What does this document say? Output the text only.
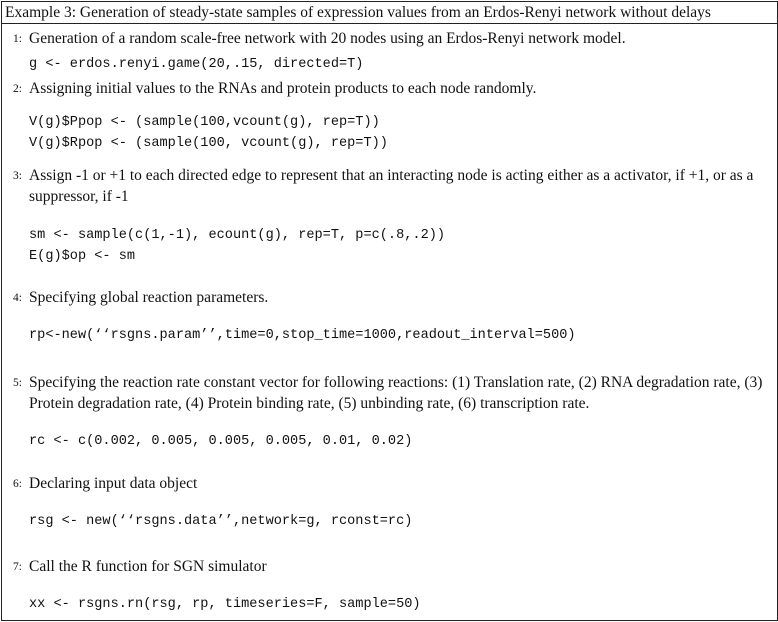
Example 3: Generation of steady-state samples of expression values from an Erdos-Renyi network without delays
1: Generation of a random scale-free network with 20 nodes using an Erdos-Renyi network model.
g <- erdos.renyi.game(20,.15, directed=T)
2: Assigning initial values to the RNAs and protein products to each node randomly.
V(g)$Ppop <- (sample(100,vcount(g), rep=T))
V(g)$Rpop <- (sample(100, vcount(g), rep=T))
3: Assign -1 or +1 to each directed edge to represent that an interacting node is acting either as a activator, if +1, or as a suppressor, if -1
sm <- sample(c(1,-1), ecount(g), rep=T, p=c(.8,.2))
E(g)$op <- sm
4: Specifying global reaction parameters.
rp<-new(‘‘rsgns.param’’,time=0,stop_time=1000,readout_interval=500)
5: Specifying the reaction rate constant vector for following reactions: (1) Translation rate, (2) RNA degradation rate, (3) Protein degradation rate, (4) Protein binding rate, (5) unbinding rate, (6) transcription rate.
rc <- c(0.002, 0.005, 0.005, 0.005, 0.01, 0.02)
6: Declaring input data object
rsg <- new(‘‘rsgns.data’’,network=g, rconst=rc)
7: Call the R function for SGN simulator
xx <- rsgns.rn(rsg, rp, timeseries=F, sample=50)
